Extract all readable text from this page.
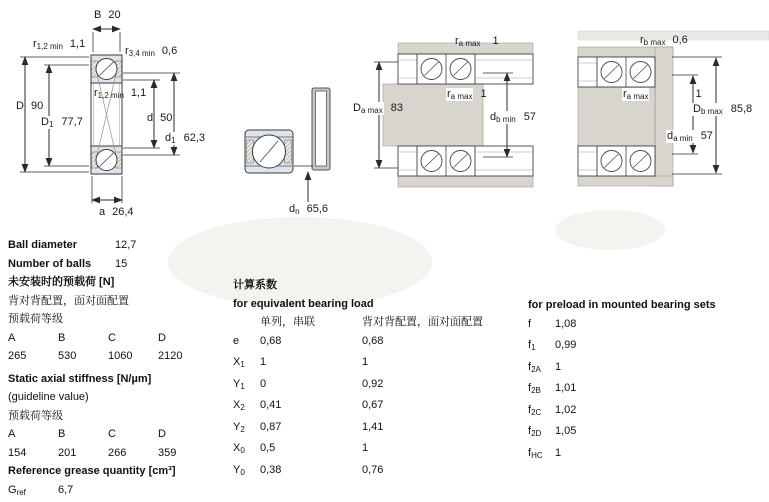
B 20
$r_{1,2 min}$ 1,1
$r_{3,4 min}$ 0,6
D 90
$D_1$ 77,7
$r_{1,2 min}$ 1,1
d 50
$d_1$ 62,3
a 26,4	$d_n$ 65,6
$r_{a max}$ 1
$D_{a max}$ 83
$r_{a max}$ 1
$d_{b min}$ 57
$r_{b max}$ 0,6
$r_{a max}$	1
$D_{b max}$ 85,8
$d_{a min}$ 57
Ball diameter	12,7
Number of balls	15
未安装时的预载荷 [N]
背对背配置，面对面配置
预载荷等级
A	B	C	D
265	530	1060	2120
Static axial stiffness [N/µm]
(guideline value)
预载荷等级
A	B	C	D
154	201	266	359
Reference grease quantity [cm³]
$G_{ref}$	6,7
计算系数
for equivalent bearing load
单列，串联	背对背配置，面对面配置
e	0,68	0,68
$X_1$	1	1
$Y_1$	0	0,92
$X_2$	0,41	0,67
$Y_2$	0,87	1,41
$X_0$	0,5	1
$Y_0$	0,38	0,76
for preload in mounted bearing sets
f	1,08
$f_1$	0,99
$f_{2A}$	1
$f_{2B}$	1,01
$f_{2C}$	1,02
$f_{2D}$	1,05
$f_{HC}$	1
